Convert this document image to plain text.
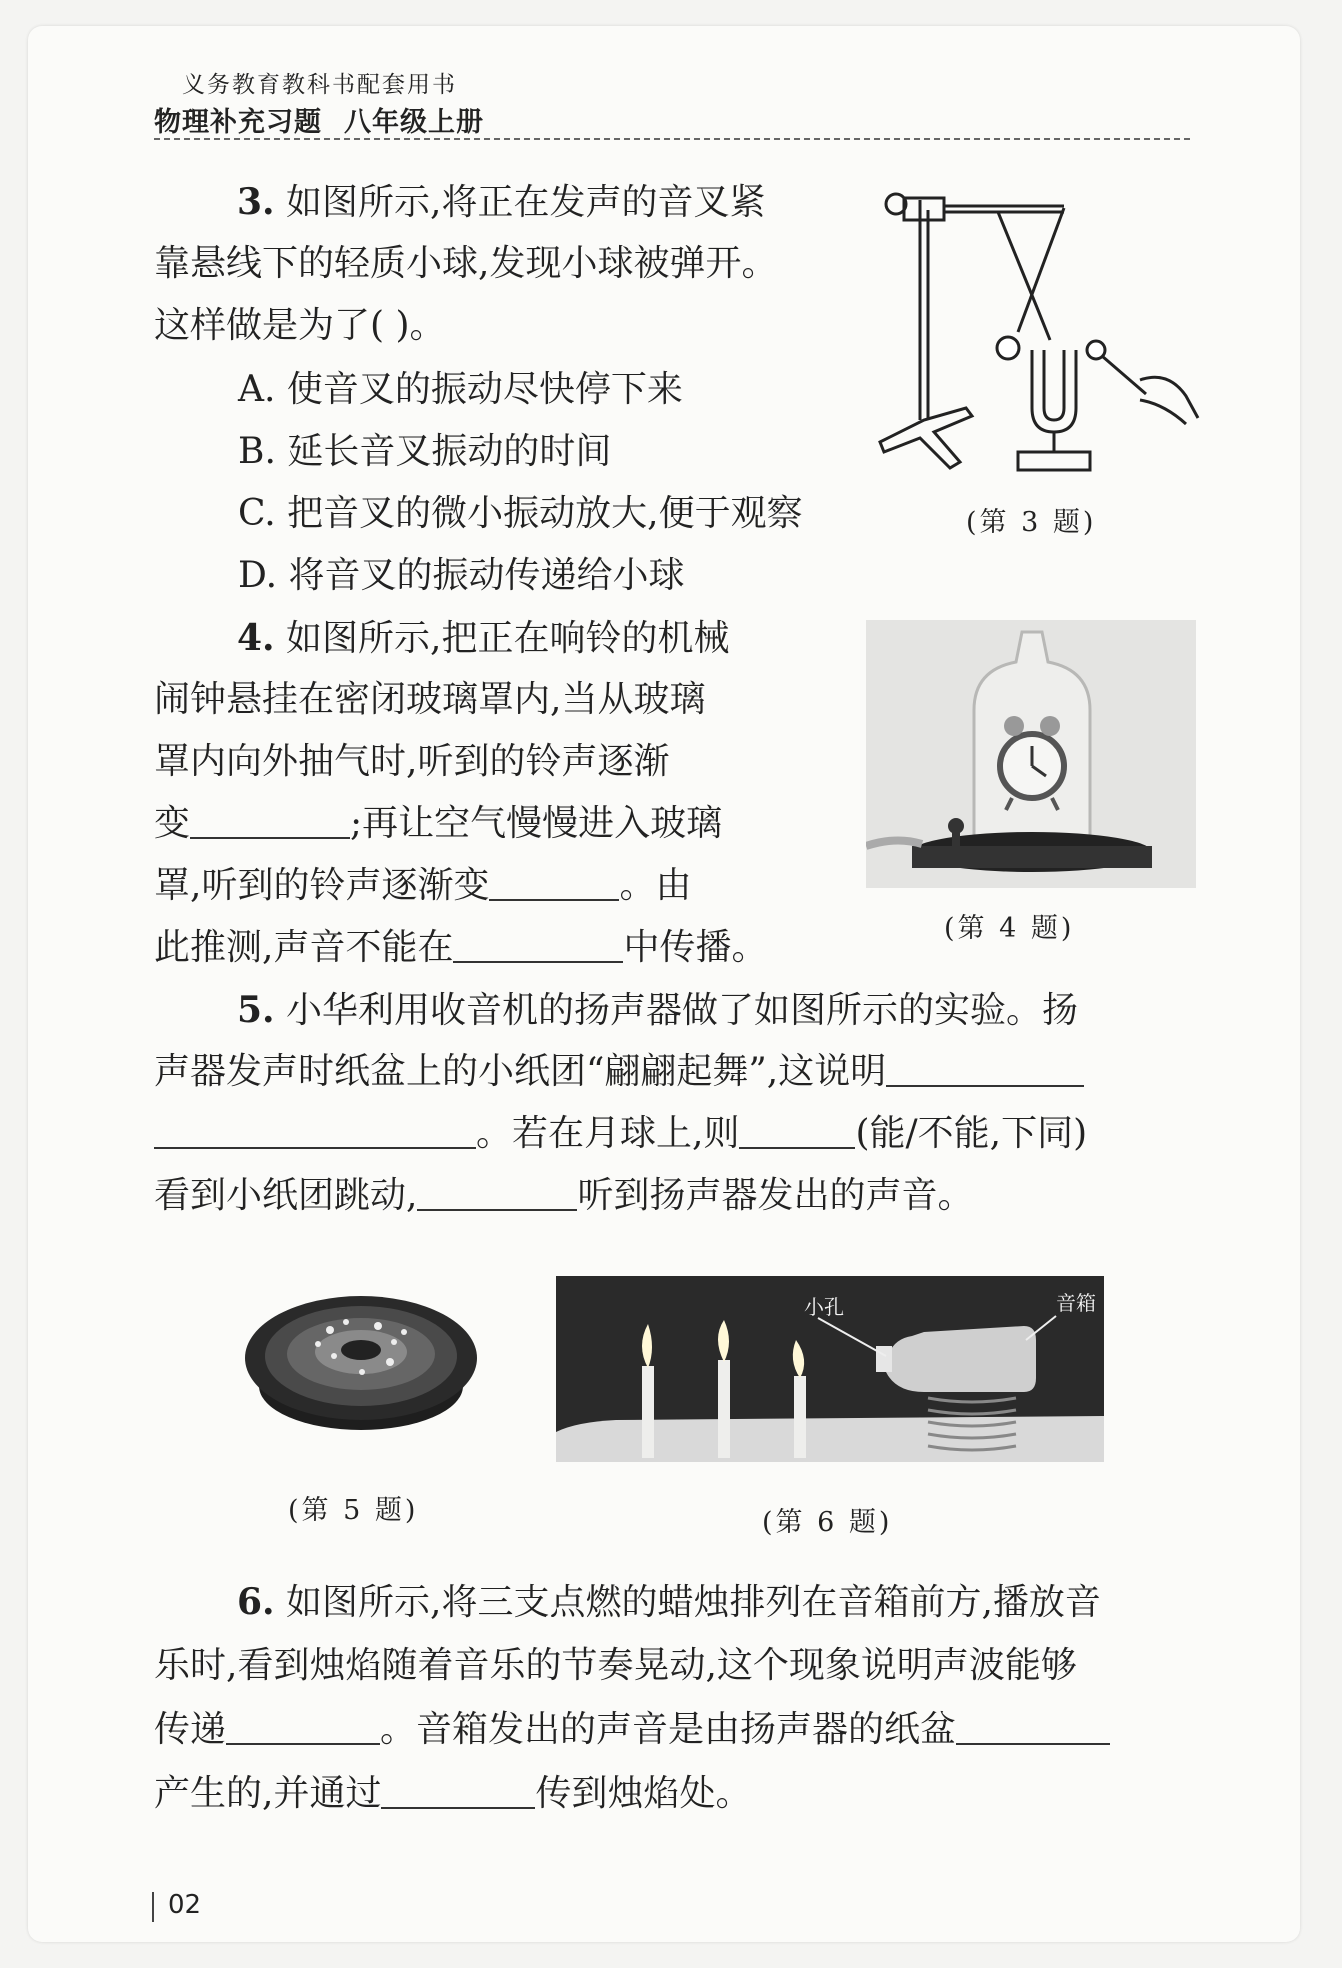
义务教育教科书配套用书
物理补充习题 八年级上册
3. 如图所示,将正在发声的音叉紧
靠悬线下的轻质小球,发现小球被弹开。
这样做是为了( )。
A. 使音叉的振动尽快停下来
B. 延长音叉振动的时间
C. 把音叉的微小振动放大,便于观察
D. 将音叉的振动传递给小球
(第 3 题)
4. 如图所示,把正在响铃的机械
闹钟悬挂在密闭玻璃罩内,当从玻璃
罩内向外抽气时,听到的铃声逐渐
变	;再让空气慢慢进入玻璃
罩,听到的铃声逐渐变	。由
此推测,声音不能在	中传播。	(第 4 题)
5. 小华利用收音机的扬声器做了如图所示的实验。扬
声器发声时纸盆上的小纸团“翩翩起舞”,这说明
。若在月球上,则	(能/不能,下同)
看到小纸团跳动,	听到扬声器发出的声音。
(第 5 题)
小孔	音箱
(第 6 题)
6. 如图所示,将三支点燃的蜡烛排列在音箱前方,播放音
乐时,看到烛焰随着音乐的节奏晃动,这个现象说明声波能够
传递	。音箱发出的声音是由扬声器的纸盆
产生的,并通过	传到烛焰处。
02
